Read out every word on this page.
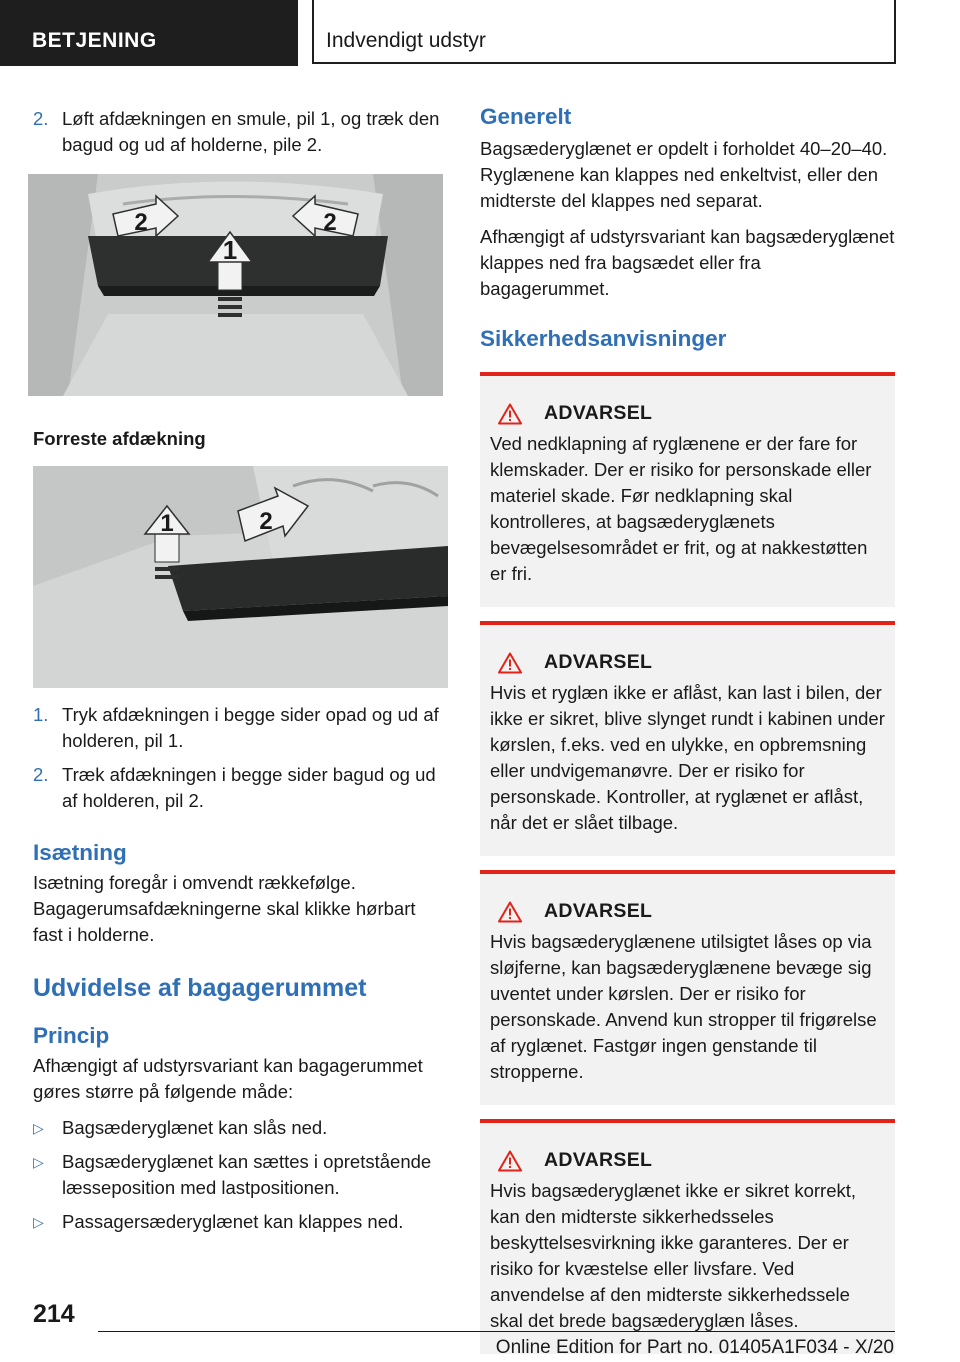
BETJENING	Indvendigt udstyr
2. Løft afdækningen en smule, pil 1, og træk den bagud og ud af holderne, pile 2.
1
2	2
Forreste afdækning
1	2
1. Tryk afdækningen i begge sider opad og ud af holderen, pil 1.
2. Træk afdækningen i begge sider bagud og ud af holderen, pil 2.
Isætning
Isætning foregår i omvendt rækkefølge. Bagagerumsafdækningerne skal klikke hørbart fast i holderne.
Udvidelse af bagagerummet
Princip
Afhængigt af udstyrsvariant kan bagagerummet gøres større på følgende måde:
▷ Bagsæderyglænet kan slås ned.
▷ Bagsæderyglænet kan sættes i opretstående læsseposition med lastpositionen.
▷ Passagersæderyglænet kan klappes ned.
Generelt
Bagsæderyglænet er opdelt i forholdet 40–20–40. Ryglænene kan klappes ned enkeltvist, eller den midterste del klappes ned separat.
Afhængigt af udstyrsvariant kan bagsæderyglænet klappes ned fra bagsædet eller fra bagagerummet.
Sikkerhedsanvisninger
ADVARSEL
Ved nedklapning af ryglænene er der fare for klemskader. Der er risiko for personskade eller materiel skade. Før nedklapning skal kontrolleres, at bagsæderyglænets bevægelsesområdet er frit, og at nakkestøtten er fri.
ADVARSEL
Hvis et ryglæn ikke er aflåst, kan last i bilen, der ikke er sikret, blive slynget rundt i kabinen under kørslen, f.eks. ved en ulykke, en opbremsning eller undvigemanøvre. Der er risiko for personskade. Kontroller, at ryglænet er aflåst, når det er slået tilbage.
ADVARSEL
Hvis bagsæderyglænene utilsigtet låses op via sløjferne, kan bagsæderyglænene bevæge sig uventet under kørslen. Der er risiko for personskade. Anvend kun stropper til frigørelse af ryglænet. Fastgør ingen genstande til stropperne.
ADVARSEL
Hvis bagsæderyglænet ikke er sikret korrekt, kan den midterste sikkerhedsseles beskyttelsesvirkning ikke garanteres. Der er risiko for kvæstelse eller livsfare. Ved anvendelse af den midterste sikkerhedssele skal det brede bagsæderyglæn låses.
214
Online Edition for Part no. 01405A1F034 - X/20
